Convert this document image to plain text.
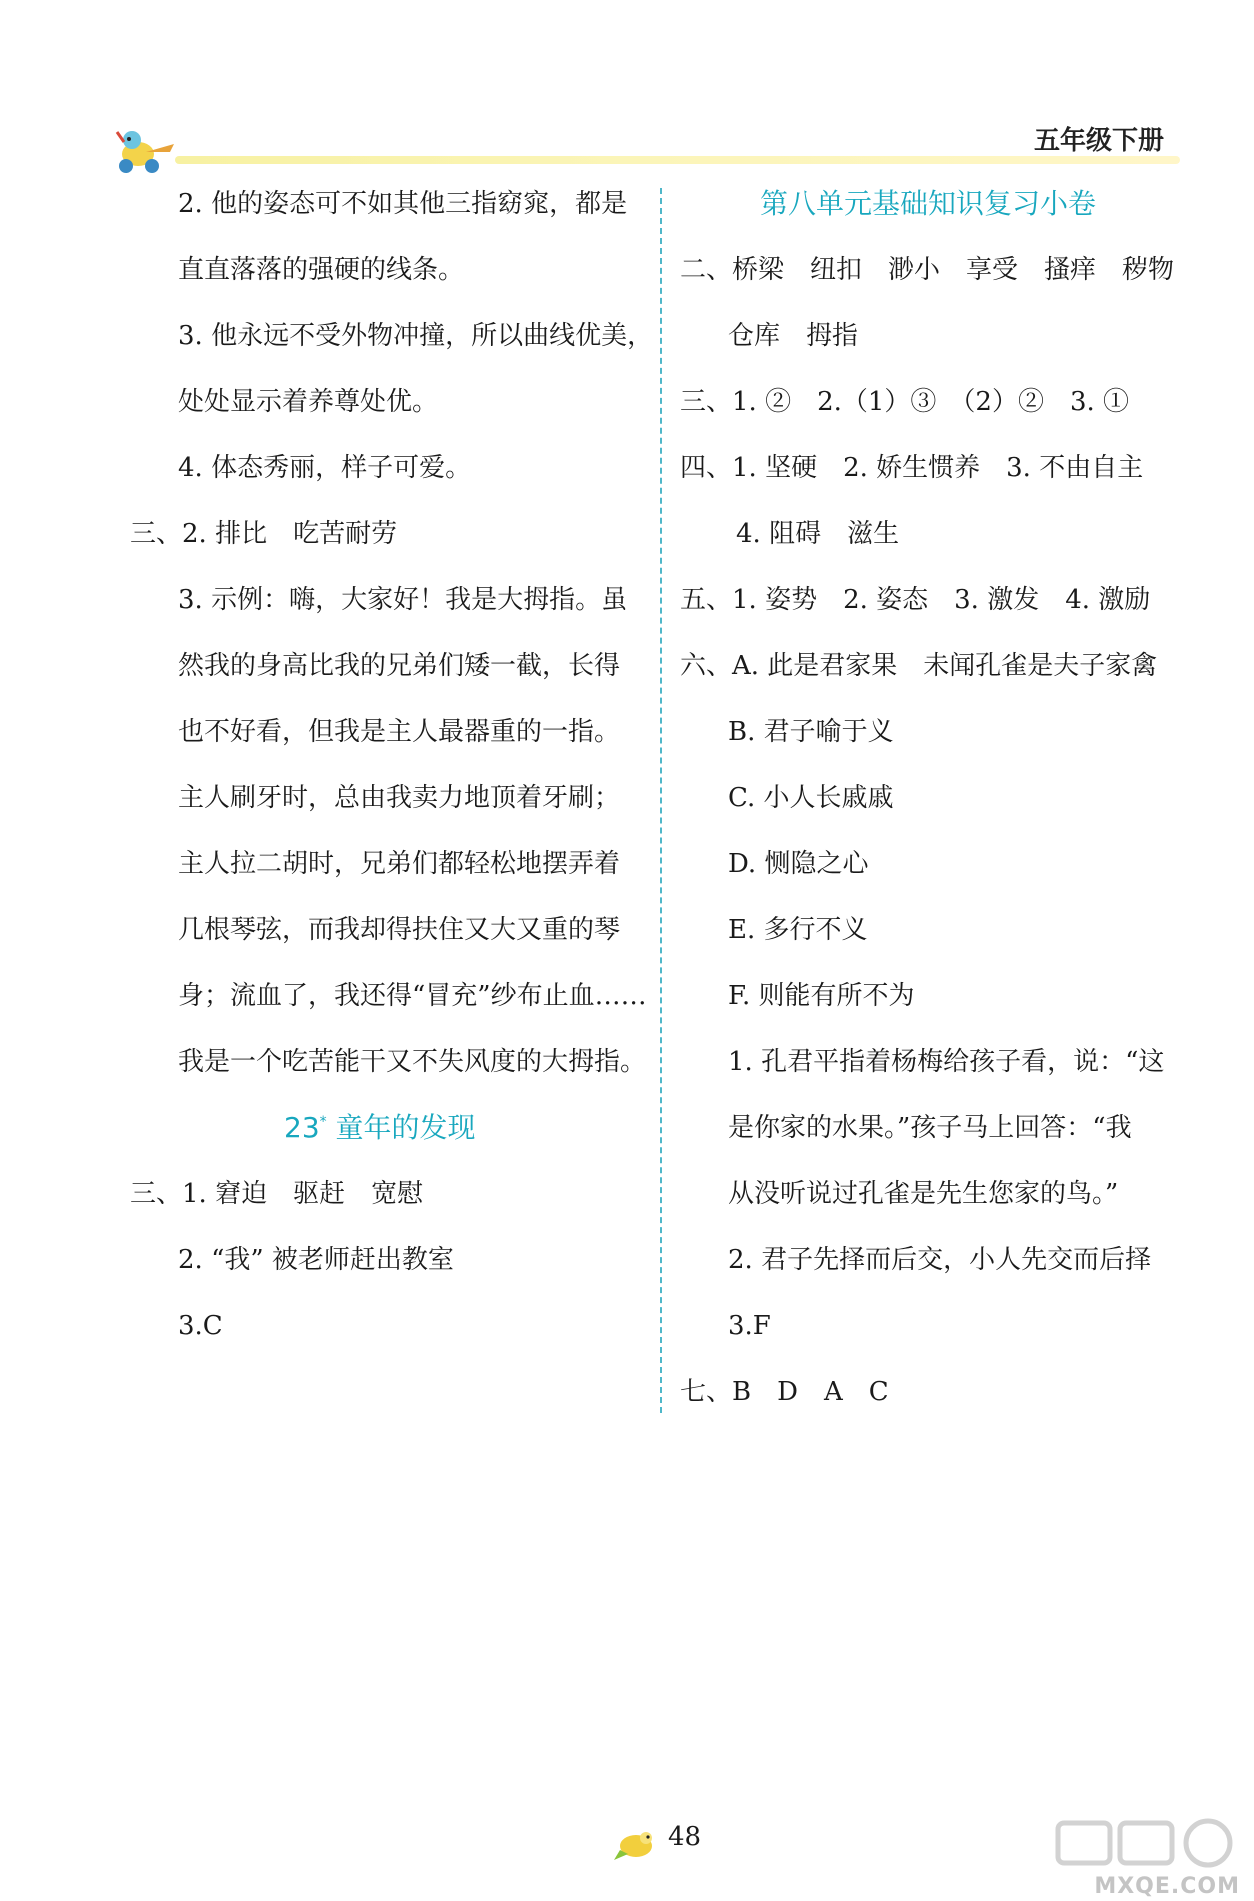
五年级下册
2. 他的姿态可不如其他三指窈窕，都是
直直落落的强硬的线条。
3. 他永远不受外物冲撞，所以曲线优美，
处处显示着养尊处优。
4. 体态秀丽，样子可爱。
三、2. 排比　吃苦耐劳
3. 示例：嗨，大家好！我是大拇指。虽
然我的身高比我的兄弟们矮一截，长得
也不好看，但我是主人最器重的一指。
主人刷牙时，总由我卖力地顶着牙刷；
主人拉二胡时，兄弟们都轻松地摆弄着
几根琴弦，而我却得扶住又大又重的琴
身；流血了，我还得“冒充”纱布止血……
我是一个吃苦能干又不失风度的大拇指。
23* 童年的发现
三、1. 窘迫　驱赶　宽慰
2. “我” 被老师赶出教室
3.C
第八单元基础知识复习小卷
二、桥梁　纽扣　渺小　享受　搔痒　秽物
仓库　拇指
三、1. ②　2.（1）③　（2）②　3. ①
四、1. 坚硬　2. 娇生惯养　3. 不由自主
4. 阻碍　滋生
五、1. 姿势　2. 姿态　3. 激发　4. 激励
六、A. 此是君家果　未闻孔雀是夫子家禽
B. 君子喻于义
C. 小人长戚戚
D. 恻隐之心
E. 多行不义
F. 则能有所不为
1. 孔君平指着杨梅给孩子看，说：“这
是你家的水果。”孩子马上回答：“我
从没听说过孔雀是先生您家的鸟。”
2. 君子先择而后交，小人先交而后择
3.F
七、B　D　A　C
48
MXQE.COM
